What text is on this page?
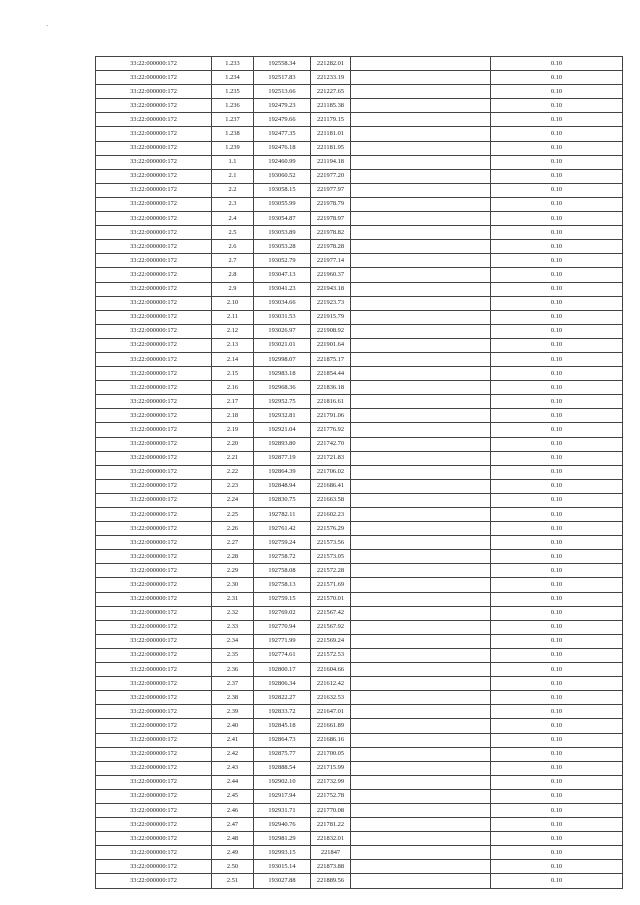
·
33:22:000000:172	1.233	192558.34	221282.01		0.10
33:22:000000:172	1.234	192517.83	221233.19		0.10
33:22:000000:172	1.235	192513.66	221227.65		0.10
33:22:000000:172	1.236	192479.23	221185.38		0.10
33:22:000000:172	1.237	192479.66	221179.15		0.10
33:22:000000:172	1.238	192477.35	221181.01		0.10
33:22:000000:172	1.239	192476.18	221181.95		0.10
33:22:000000:172	1.1	192460.99	221194.18		0.10
33:22:000000:172	2.1	193060.52	221977.20		0.10
33:22:000000:172	2.2	193058.15	221977.97		0.10
33:22:000000:172	2.3	193055.99	221978.79		0.10
33:22:000000:172	2.4	193054.87	221978.97		0.10
33:22:000000:172	2.5	193053.89	221978.82		0.10
33:22:000000:172	2.6	193053.28	221978.28		0.10
33:22:000000:172	2.7	193052.79	221977.14		0.10
33:22:000000:172	2.8	193047.13	221960.37		0.10
33:22:000000:172	2.9	193041.23	221943.18		0.10
33:22:000000:172	2.10	193034.66	221923.73		0.10
33:22:000000:172	2.11	193031.53	221915.79		0.10
33:22:000000:172	2.12	193026.97	221908.92		0.10
33:22:000000:172	2.13	193021.01	221901.64		0.10
33:22:000000:172	2.14	192998.07	221875.17		0.10
33:22:000000:172	2.15	192983.18	221854.44		0.10
33:22:000000:172	2.16	192968.36	221836.18		0.10
33:22:000000:172	2.17	192952.75	221816.61		0.10
33:22:000000:172	2.18	192932.81	221791.06		0.10
33:22:000000:172	2.19	192921.04	221776.92		0.10
33:22:000000:172	2.20	192893.80	221742.70		0.10
33:22:000000:172	2.21	192877.19	221721.83		0.10
33:22:000000:172	2.22	192864.39	221706.02		0.10
33:22:000000:172	2.23	192848.94	221686.41		0.10
33:22:000000:172	2.24	192830.75	221663.58		0.10
33:22:000000:172	2.25	192782.11	221602.23		0.10
33:22:000000:172	2.26	192761.42	221576.29		0.10
33:22:000000:172	2.27	192759.24	221573.56		0.10
33:22:000000:172	2.28	192758.72	221573.05		0.10
33:22:000000:172	2.29	192758.08	221572.28		0.10
33:22:000000:172	2.30	192758.13	221571.69		0.10
33:22:000000:172	2.31	192759.15	221570.01		0.10
33:22:000000:172	2.32	192769.02	221567.42		0.10
33:22:000000:172	2.33	192770.94	221567.92		0.10
33:22:000000:172	2.34	192771.99	221569.24		0.10
33:22:000000:172	2.35	192774.61	221572.53		0.10
33:22:000000:172	2.36	192800.17	221604.66		0.10
33:22:000000:172	2.37	192806.34	221612.42		0.10
33:22:000000:172	2.38	192822.27	221632.53		0.10
33:22:000000:172	2.39	192833.72	221647.01		0.10
33:22:000000:172	2.40	192845.18	221661.89		0.10
33:22:000000:172	2.41	192864.73	221686.16		0.10
33:22:000000:172	2.42	192875.77	221700.05		0.10
33:22:000000:172	2.43	192888.54	221715.99		0.10
33:22:000000:172	2.44	192902.10	221732.99		0.10
33:22:000000:172	2.45	192917.94	221752.78		0.10
33:22:000000:172	2.46	192931.71	221770.08		0.10
33:22:000000:172	2.47	192940.76	221781.22		0.10
33:22:000000:172	2.48	192981.29	221832.01		0.10
33:22:000000:172	2.49	192993.15	221847		0.10
33:22:000000:172	2.50	193015.14	221873.88		0.10
33:22:000000:172	2.51	193027.88	221889.56		0.10
